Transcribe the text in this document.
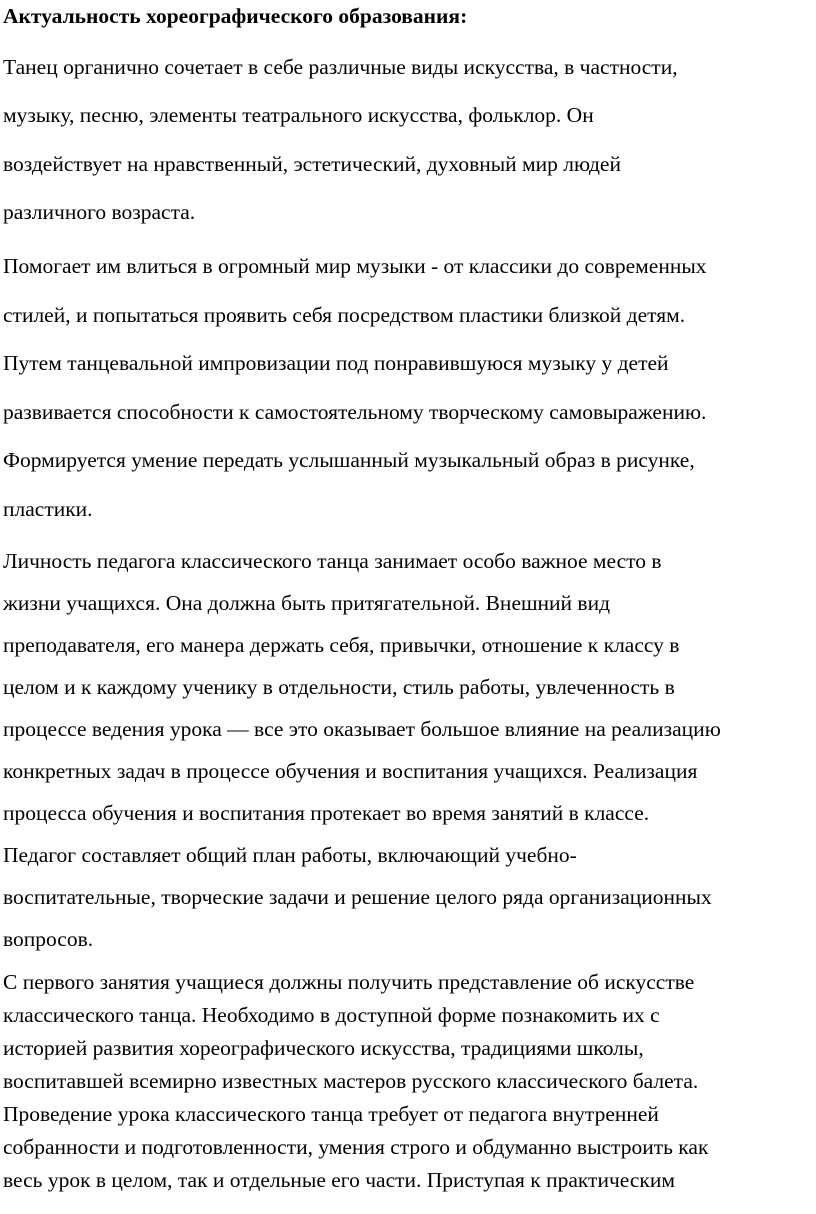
Актуальность хореографического образования:
Танец органично сочетает в себе различные виды искусства, в частности,
музыку, песню, элементы театрального искусства, фольклор. Он
воздействует на нравственный, эстетический, духовный мир людей
различного возраста.
Помогает им влиться в огромный мир музыки - от классики до современных
стилей, и попытаться проявить себя посредством пластики близкой детям.
Путем танцевальной импровизации под понравившуюся музыку у детей
развивается способности к самостоятельному творческому самовыражению.
Формируется умение передать услышанный музыкальный образ в рисунке,
пластики.
Личность педагога классического танца занимает особо важное место в
жизни учащихся. Она должна быть притягательной. Внешний вид
преподавателя, его манера держать себя, привычки, отношение к классу в
целом и к каждому ученику в отдельности, стиль работы, увлеченность в
процессе ведения урока — все это оказывает большое влияние на реализацию
конкретных задач в процессе обучения и воспитания учащихся. Реализация
процесса обучения и воспитания протекает во время занятий в классе.
Педагог составляет общий план работы, включающий учебно-
воспитательные, творческие задачи и решение целого ряда организационных
вопросов.
С первого занятия учащиеся должны получить представление об искусстве
классического танца. Необходимо в доступной форме познакомить их с
историей развития хореографического искусства, традициями школы,
воспитавшей всемирно известных мастеров русского классического балета.
Проведение урока классического танца требует от педагога внутренней
собранности и подготовленности, умения строго и обдуманно выстроить как
весь урок в целом, так и отдельные его части. Приступая к практическим
